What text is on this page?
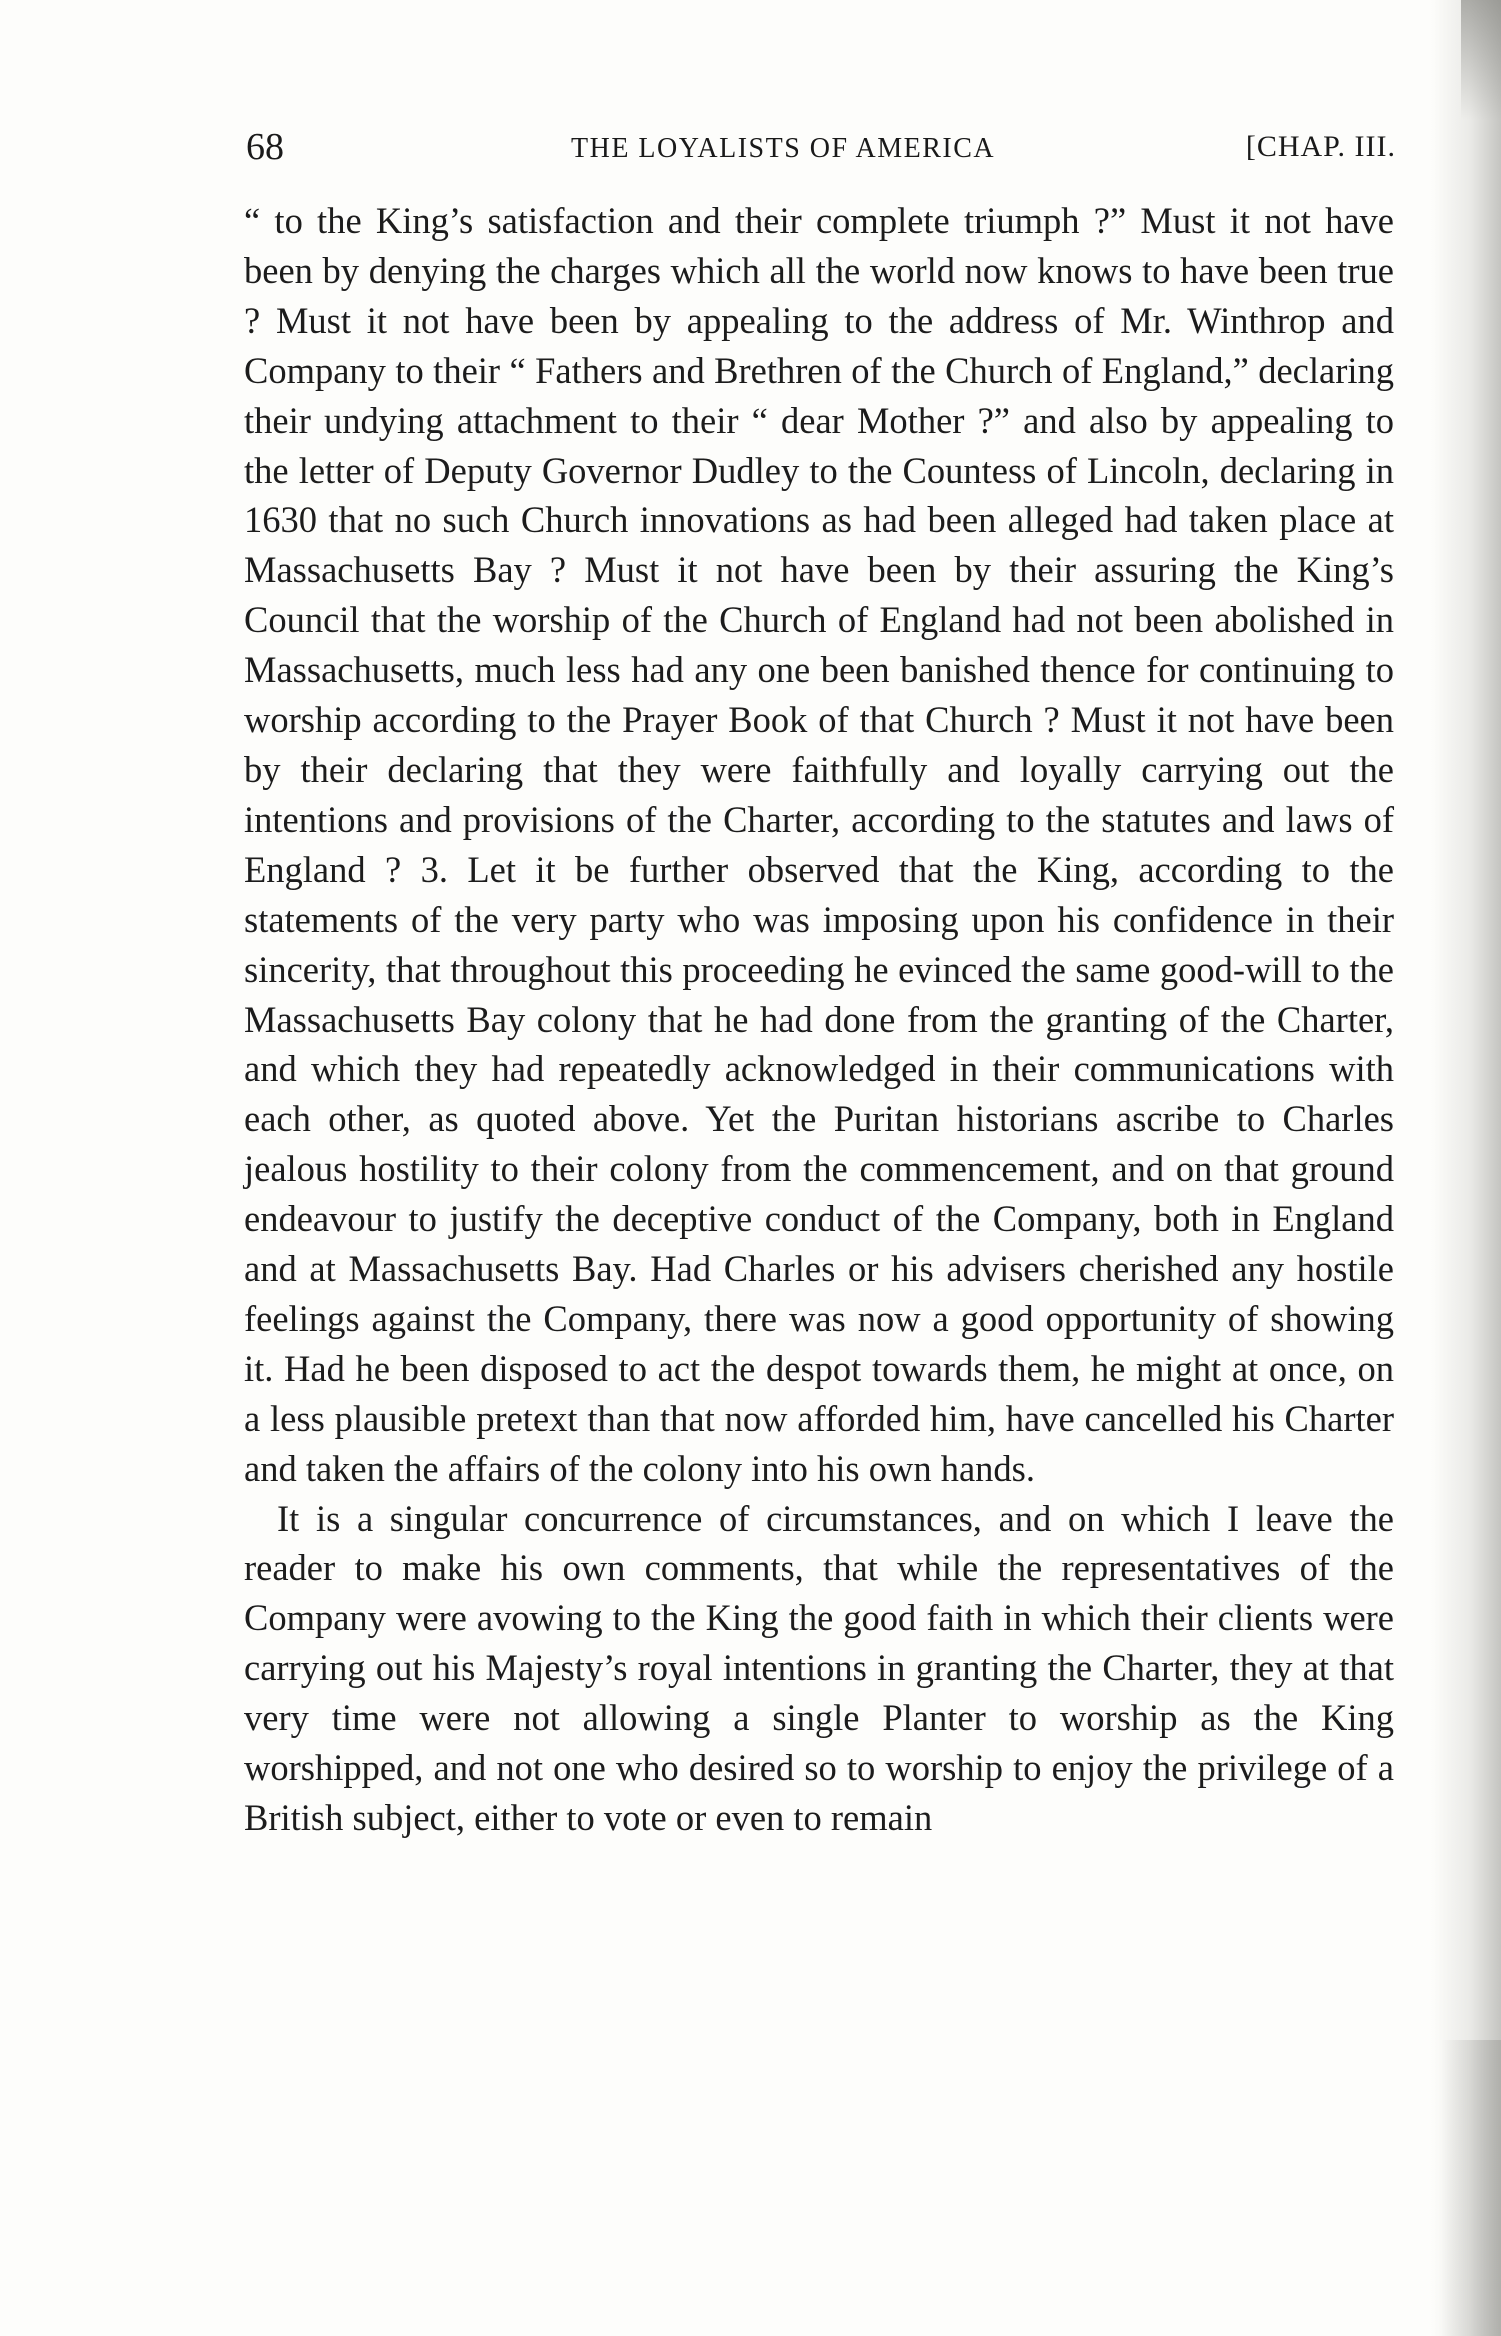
68	THE LOYALISTS OF AMERICA	[CHAP. III.

“ to the King’s satisfaction and their complete triumph ?” Must it not have been by denying the charges which all the world now knows to have been true ? Must it not have been by appealing to the address of Mr. Winthrop and Company to their “ Fathers and Brethren of the Church of England,” declaring their undying attachment to their “ dear Mother ?” and also by appealing to the letter of Deputy Governor Dudley to the Countess of Lincoln, declaring in 1630 that no such Church innovations as had been alleged had taken place at Massachusetts Bay ? Must it not have been by their assuring the King’s Council that the worship of the Church of England had not been abolished in Massachusetts, much less had any one been banished thence for continuing to worship according to the Prayer Book of that Church ? Must it not have been by their declaring that they were faithfully and loyally carrying out the intentions and provisions of the Charter, according to the statutes and laws of England ? 3. Let it be further observed that the King, according to the statements of the very party who was imposing upon his confidence in their sincerity, that throughout this proceeding he evinced the same good-will to the Massachusetts Bay colony that he had done from the granting of the Charter, and which they had repeatedly acknowledged in their communications with each other, as quoted above. Yet the Puritan historians ascribe to Charles jealous hostility to their colony from the commencement, and on that ground endeavour to justify the deceptive conduct of the Company, both in England and at Massachusetts Bay. Had Charles or his advisers cherished any hostile feelings against the Company, there was now a good opportunity of showing it. Had he been disposed to act the despot towards them, he might at once, on a less plausible pretext than that now afforded him, have cancelled his Charter and taken the affairs of the colony into his own hands.

It is a singular concurrence of circumstances, and on which I leave the reader to make his own comments, that while the representatives of the Company were avowing to the King the good faith in which their clients were carrying out his Majesty’s royal intentions in granting the Charter, they at that very time were not allowing a single Planter to worship as the King worshipped, and not one who desired so to worship to enjoy the privilege of a British subject, either to vote or even to remain
